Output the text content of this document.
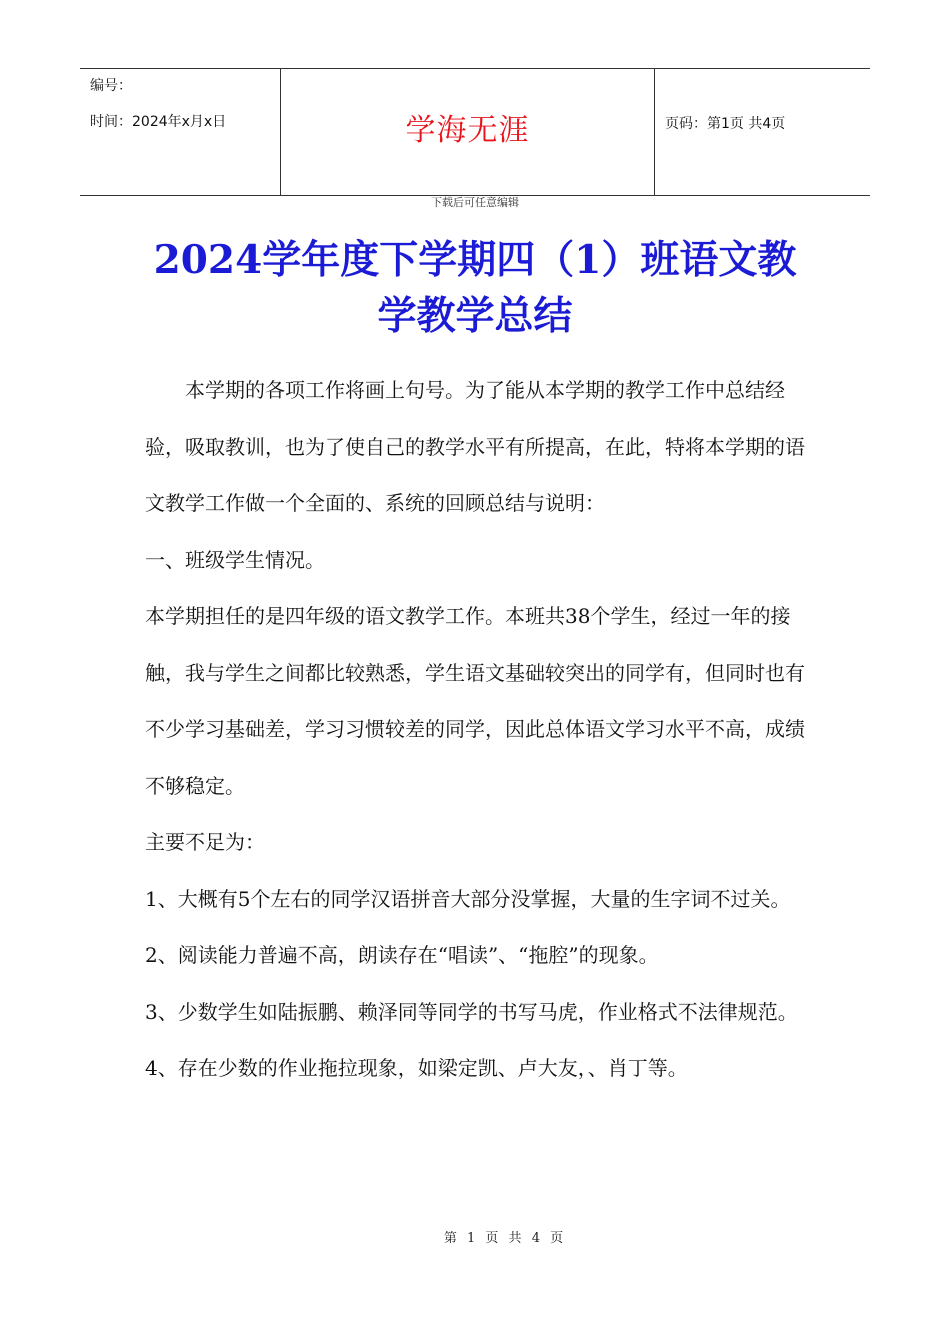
编号：
时间：2024年x月x日	学海无涯	页码：第1页 共4页
下载后可任意编辑
2024学年度下学期四（1）班语文教
学教学总结

本学期的各项工作将画上句号。为了能从本学期的教学工作中总结经验，吸取教训，也为了使自己的教学水平有所提高，在此，特将本学期的语文教学工作做一个全面的、系统的回顾总结与说明：

一、班级学生情况。

本学期担任的是四年级的语文教学工作。本班共38个学生，经过一年的接触，我与学生之间都比较熟悉，学生语文基础较突出的同学有，但同时也有不少学习基础差，学习习惯较差的同学，因此总体语文学习水平不高，成绩不够稳定。

主要不足为：

1、大概有5个左右的同学汉语拼音大部分没掌握，大量的生字词不过关。

2、阅读能力普遍不高，朗读存在“唱读”、“拖腔”的现象。

3、少数学生如陆振鹏、赖泽同等同学的书写马虎，作业格式不法律规范。

4、存在少数的作业拖拉现象，如梁定凯、卢大友，、肖丁等。

第 1 页 共 4 页
